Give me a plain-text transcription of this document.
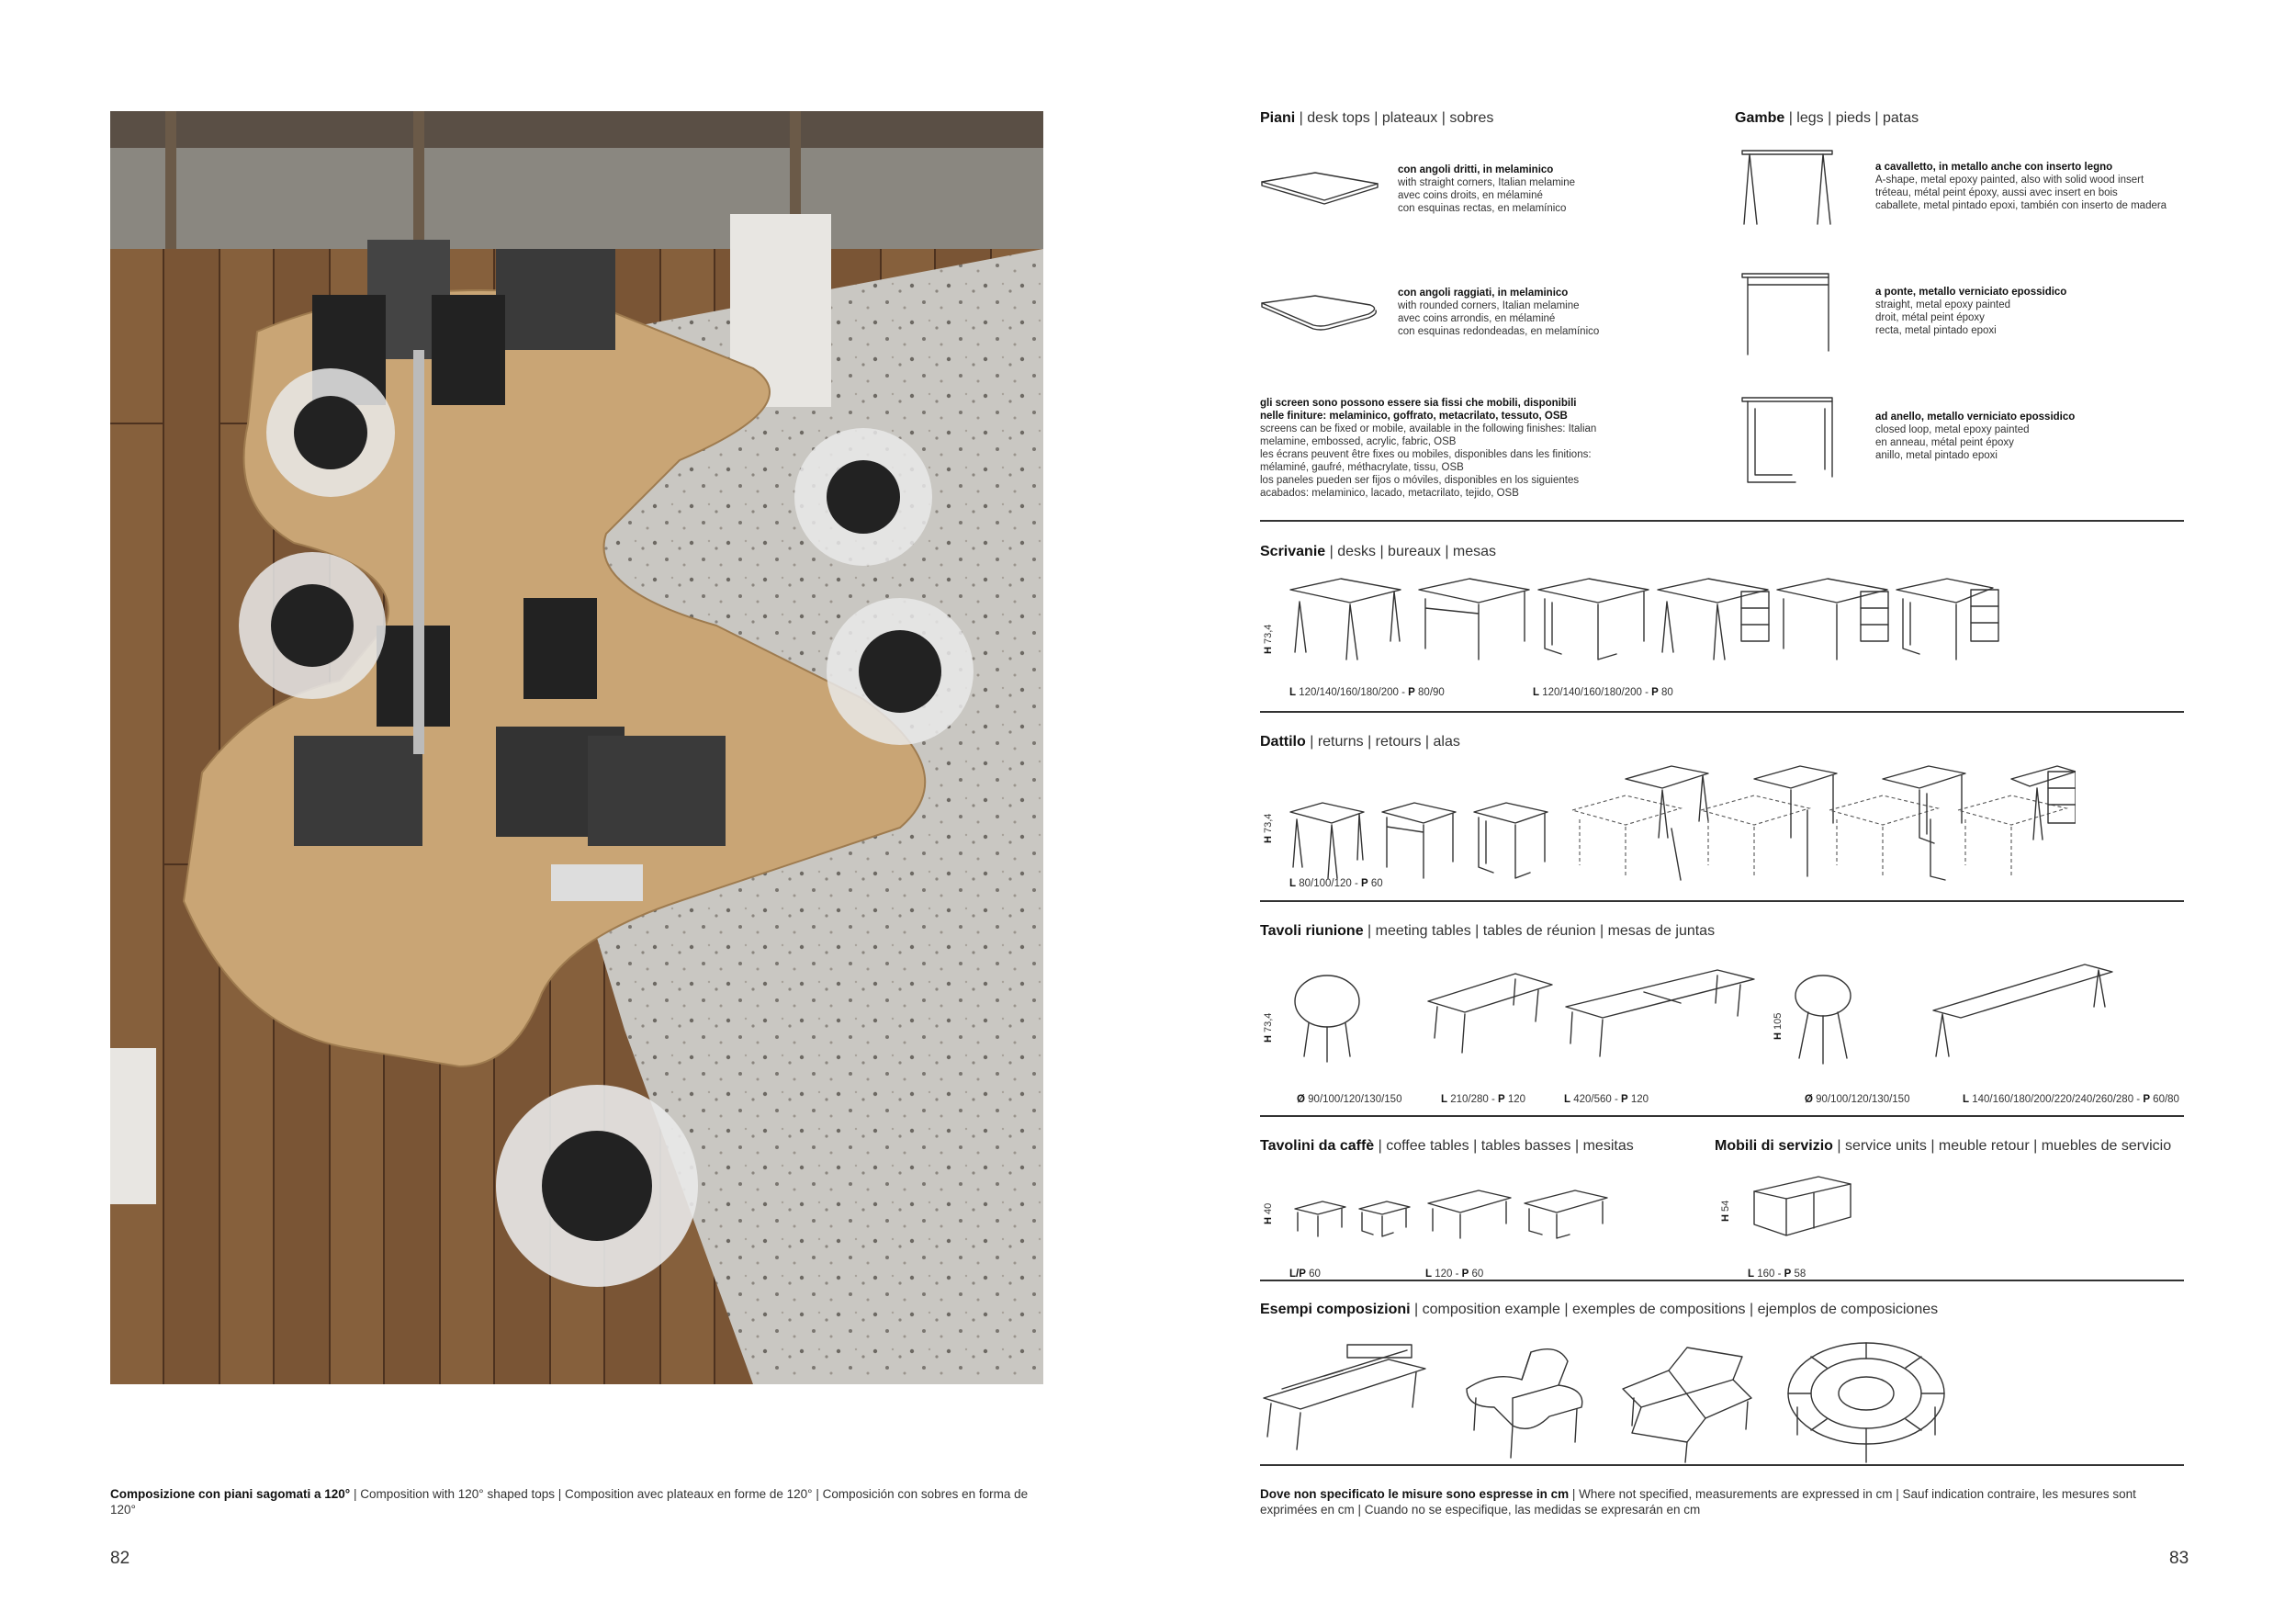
Composizione con piani sagomati a 120° | Composition with 120° shaped tops | Composition avec plateaux en forme de 120° | Composición con sobres en forma de 120°
82	83
Piani | desk tops | plateaux | sobres
con angoli dritti, in melaminico
with straight corners, Italian melamine
avec coins droits, en mélaminé
con esquinas rectas, en melamínico
con angoli raggiati, in melaminico
with rounded corners, Italian melamine
avec coins arrondis, en mélaminé
con esquinas redondeadas, en melamínico
gli screen sono possono essere sia fissi che mobili, disponibili
nelle finiture: melaminico, goffrato, metacrilato, tessuto, OSB
screens can be fixed or mobile, available in the following finishes: Italian
melamine, embossed, acrylic, fabric, OSB
les écrans peuvent être fixes ou mobiles, disponibles dans les finitions:
mélaminé, gaufré, méthacrylate, tissu, OSB
los paneles pueden ser fijos o móviles, disponibles en los siguientes
acabados: melaminico, lacado, metacrilato, tejido, OSB
Gambe | legs | pieds | patas
a cavalletto, in metallo anche con inserto legno
A-shape, metal epoxy painted, also with solid wood insert
tréteau, métal peint époxy, aussi avec insert en bois
caballete, metal pintado epoxi, también con inserto de madera
a ponte, metallo verniciato epossidico
straight, metal epoxy painted
droit, métal peint époxy
recta, metal pintado epoxi
ad anello, metallo verniciato epossidico
closed loop, metal epoxy painted
en anneau, métal peint époxy
anillo, metal pintado epoxi
Scrivanie | desks | bureaux | mesas
H 73,4
L 120/140/160/180/200 - P 80/90	L 120/140/160/180/200 - P 80
Dattilo | returns | retours | alas
H 73,4
L 80/100/120 - P 60
Tavoli riunione | meeting tables | tables de réunion | mesas de juntas
H 73,4
H 105
Ø 90/100/120/130/150	L 210/280 - P 120	L 420/560 - P 120	Ø 90/100/120/130/150	L 140/160/180/200/220/240/260/280 - P 60/80
Tavolini da caffè | coffee tables | tables basses | mesitas	Mobili di servizio | service units | meuble retour | muebles de servicio
H 40
H 54
L/P 60	L 120 - P 60	L 160 - P 58
Esempi composizioni | composition example | exemples de compositions | ejemplos de composiciones
Dove non specificato le misure sono espresse in cm | Where not specified, measurements are expressed in cm | Sauf indication contraire, les mesures sont exprimées en cm | Cuando no se especifique, las medidas se expresarán en cm
